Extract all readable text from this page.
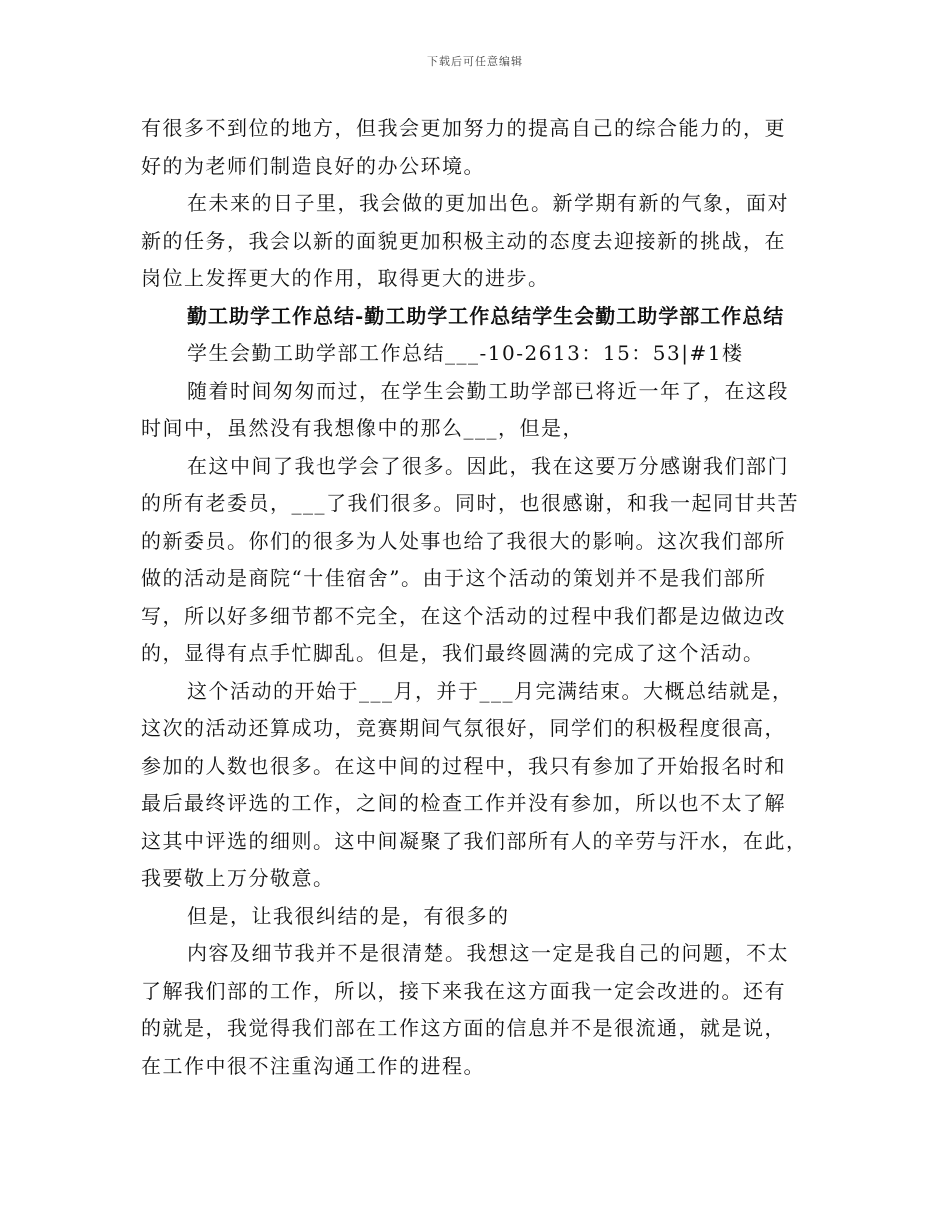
下载后可任意编辑
有很多不到位的地方，但我会更加努力的提高自己的综合能力的，更
好的为老师们制造良好的办公环境。
在未来的日子里，我会做的更加出色。新学期有新的气象，面对
新的任务，我会以新的面貌更加积极主动的态度去迎接新的挑战，在
岗位上发挥更大的作用，取得更大的进步。
勤工助学工作总结-勤工助学工作总结学生会勤工助学部工作总结
学生会勤工助学部工作总结___-10-2613：15：53|#1楼
随着时间匆匆而过，在学生会勤工助学部已将近一年了，在这段
时间中，虽然没有我想像中的那么___，但是，
在这中间了我也学会了很多。因此，我在这要万分感谢我们部门
的所有老委员，___了我们很多。同时，也很感谢，和我一起同甘共苦
的新委员。你们的很多为人处事也给了我很大的影响。这次我们部所
做的活动是商院“十佳宿舍”。由于这个活动的策划并不是我们部所
写，所以好多细节都不完全，在这个活动的过程中我们都是边做边改
的，显得有点手忙脚乱。但是，我们最终圆满的完成了这个活动。
这个活动的开始于___月，并于___月完满结束。大概总结就是，
这次的活动还算成功，竞赛期间气氛很好，同学们的积极程度很高，
参加的人数也很多。在这中间的过程中，我只有参加了开始报名时和
最后最终评选的工作，之间的检查工作并没有参加，所以也不太了解
这其中评选的细则。这中间凝聚了我们部所有人的辛劳与汗水，在此，
我要敬上万分敬意。
但是，让我很纠结的是，有很多的
内容及细节我并不是很清楚。我想这一定是我自己的问题，不太
了解我们部的工作，所以，接下来我在这方面我一定会改进的。还有
的就是，我觉得我们部在工作这方面的信息并不是很流通，就是说，
在工作中很不注重沟通工作的进程。
